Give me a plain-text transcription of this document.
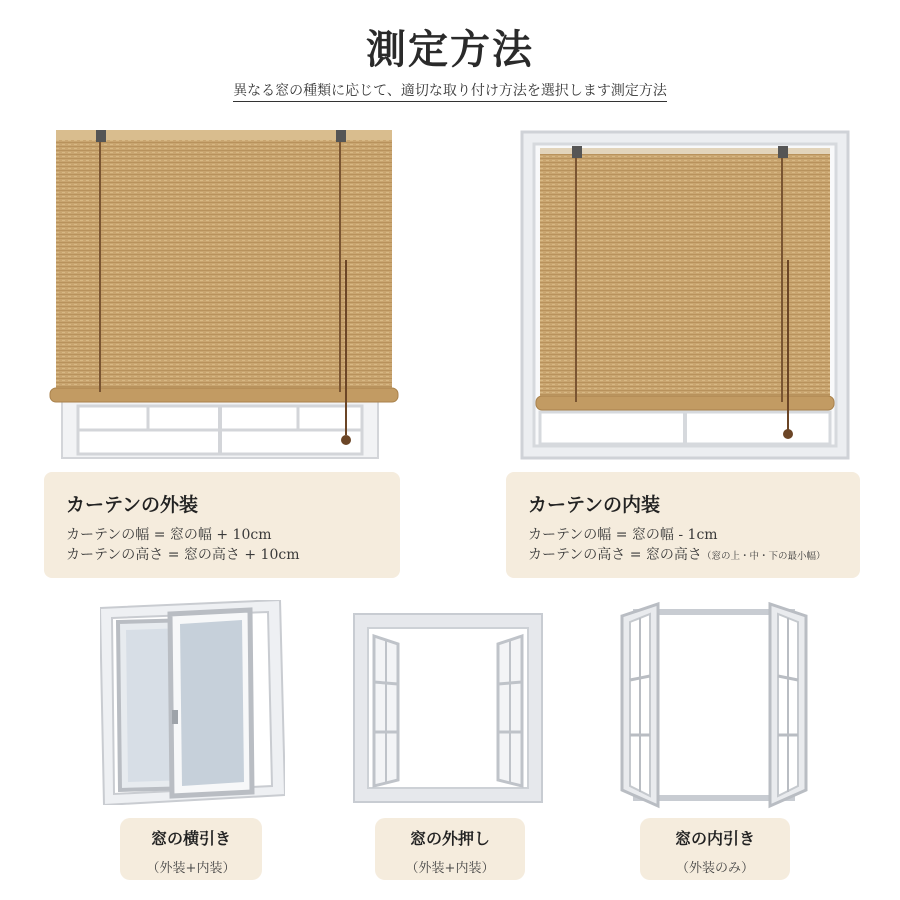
測定方法
異なる窓の種類に応じて、適切な取り付け方法を選択します測定方法
カーテンの外装

カーテンの幅 = 窓の幅 + 10cm

カーテンの高さ = 窓の高さ + 10cm

カーテンの内装

カーテンの幅 = 窓の幅 - 1cm

カーテンの高さ = 窓の高さ（窓の上・中・下の最小幅）

窓の横引き
（外装+内装）
窓の外押し
（外装+内装）
窓の内引き
（外装のみ）
